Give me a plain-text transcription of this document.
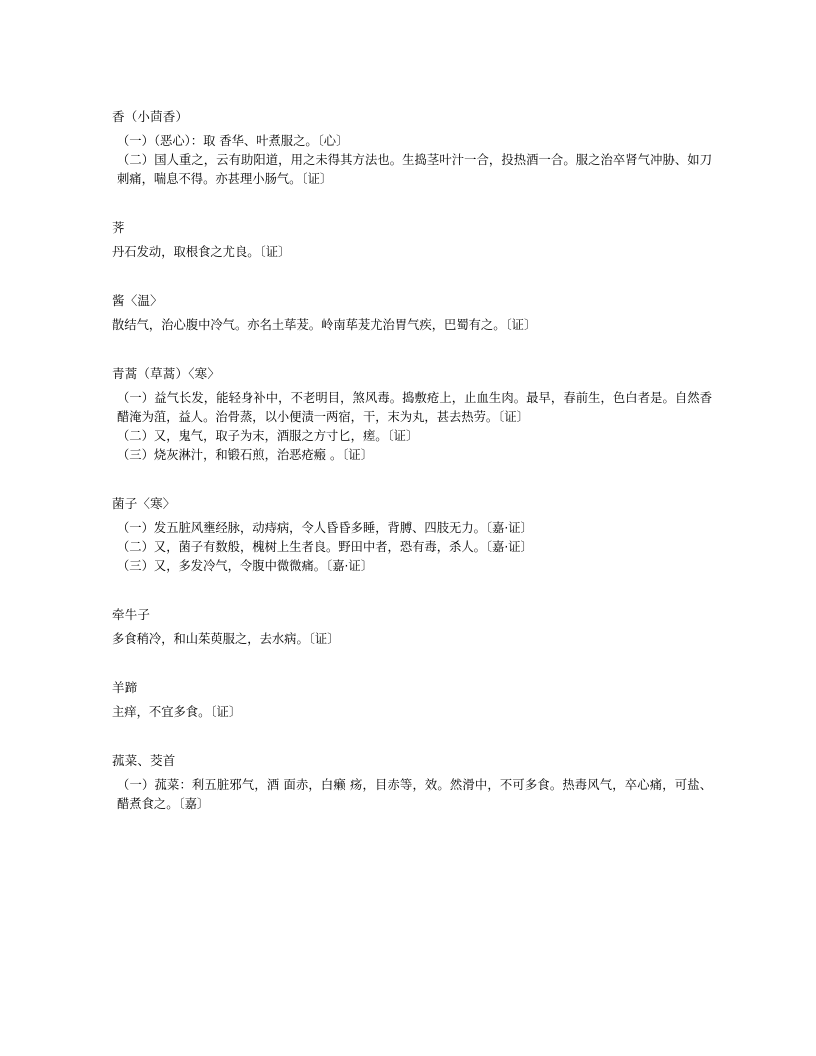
香（小茴香）

（一）（恶心）：取 香华、叶煮服之。〔心〕

（二）国人重之，云有助阳道，用之未得其方法也。生捣茎叶汁一合，投热酒一合。服之治卒肾气冲胁、如刀刺痛，喘息不得。亦甚理小肠气。〔证〕

荠

丹石发动，取根食之尤良。〔证〕

酱〈温〉

散结气，治心腹中冷气。亦名土荜茇。岭南荜茇尤治胃气疾，巴蜀有之。〔证〕

青蒿（草蒿）〈寒〉

（一）益气长发，能轻身补中，不老明目，煞风毒。捣敷疮上，止血生肉。最早，春前生，色白者是。自然香醋淹为菹，益人。治骨蒸，以小便渍一两宿，干，末为丸，甚去热劳。〔证〕

（二）又，鬼气，取子为末，酒服之方寸匕，瘥。〔证〕

（三）烧灰淋汁，和锻石煎，治恶疮瘢 。〔证〕

菌子〈寒〉

（一）发五脏风壅经脉，动痔病，令人昏昏多睡，背膊、四肢无力。〔嘉·证〕

（二）又，菌子有数般，槐树上生者良。野田中者，恐有毒，杀人。〔嘉·证〕

（三）又，多发冷气，令腹中微微痛。〔嘉·证〕

牵牛子

多食稍冷，和山茱萸服之，去水病。〔证〕

羊蹄

主痒，不宜多食。〔证〕

菰菜、茭首

（一）菰菜：利五脏邪气，酒 面赤，白癞 疡，目赤等，效。然滑中，不可多食。热毒风气，卒心痛，可盐、醋煮食之。〔嘉〕
